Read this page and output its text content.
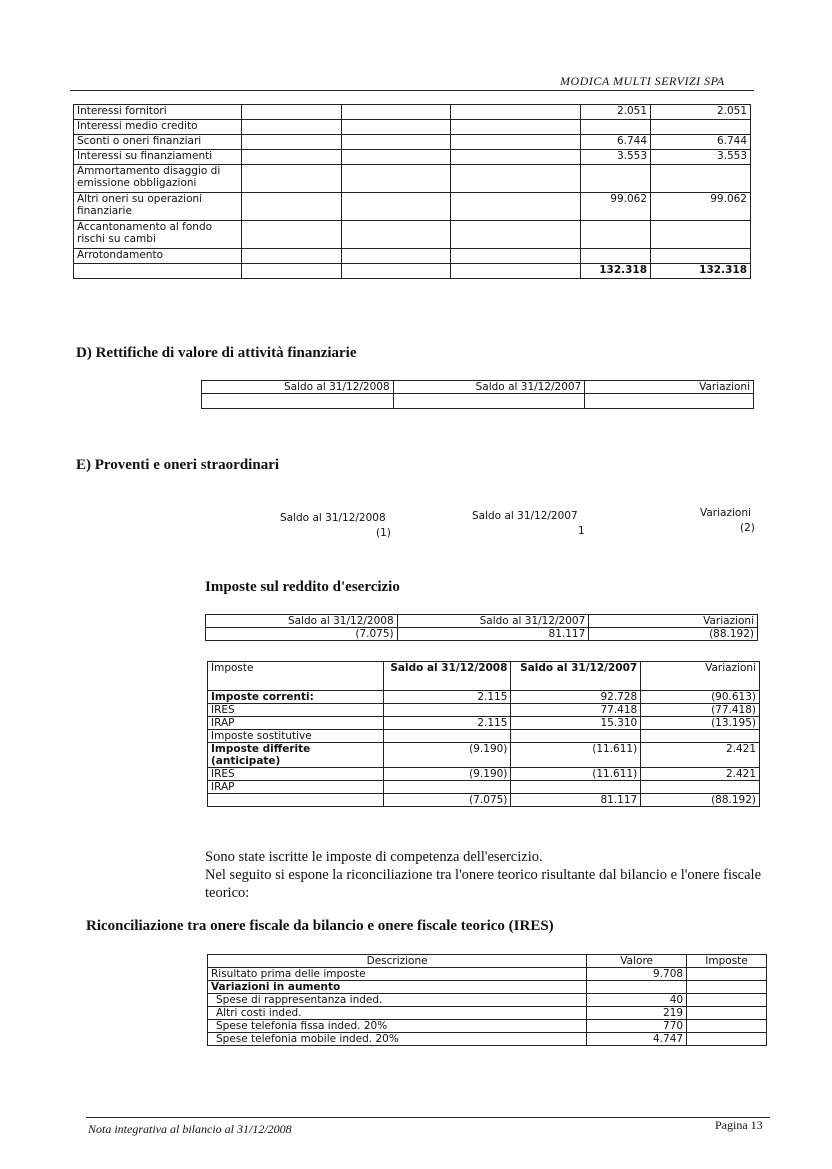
MODICA MULTI SERVIZI SPA
Interessi fornitori				2.051	2.051
Interessi medio credito					
Sconti o oneri finanziari				6.744	6.744
Interessi su finanziamenti				3.553	3.553
Ammortamento disaggio di emissione obbligazioni					
Altri oneri su operazioni finanziarie				99.062	99.062
Accantonamento al fondo rischi su cambi					
Arrotondamento					
				132.318	132.318
D) Rettifiche di valore di attività finanziarie
Saldo al 31/12/2008	Saldo al 31/12/2007	Variazioni

E) Proventi e oneri straordinari
Saldo al 31/12/2008	Saldo al 31/12/2007	Variazioni
(1)	1	(2)
Imposte sul reddito d'esercizio
Saldo al 31/12/2008	Saldo al 31/12/2007	Variazioni
(7.075)	81.117	(88.192)
Imposte	Saldo al 31/12/2008	Saldo al 31/12/2007	Variazioni
Imposte correnti:	2.115	92.728	(90.613)
IRES		77.418	(77.418)
IRAP	2.115	15.310	(13.195)
Imposte sostitutive			
Imposte differite (anticipate)	(9.190)	(11.611)	2.421
IRES	(9.190)	(11.611)	2.421
IRAP			
	(7.075)	81.117	(88.192)
Sono state iscritte le imposte di competenza dell'esercizio.
Nel seguito si espone la riconciliazione tra l'onere teorico risultante dal bilancio e l'onere fiscale teorico:
Riconciliazione tra onere fiscale da bilancio e onere fiscale teorico (IRES)
Descrizione	Valore	Imposte
Risultato prima delle imposte	9.708	
Variazioni in aumento		
Spese di rappresentanza inded.	40	
Altri costi inded.	219	
Spese telefonia fissa inded. 20%	770	
Spese telefonia mobile inded. 20%	4.747	
Nota integrativa al bilancio al 31/12/2008	Pagina 13
